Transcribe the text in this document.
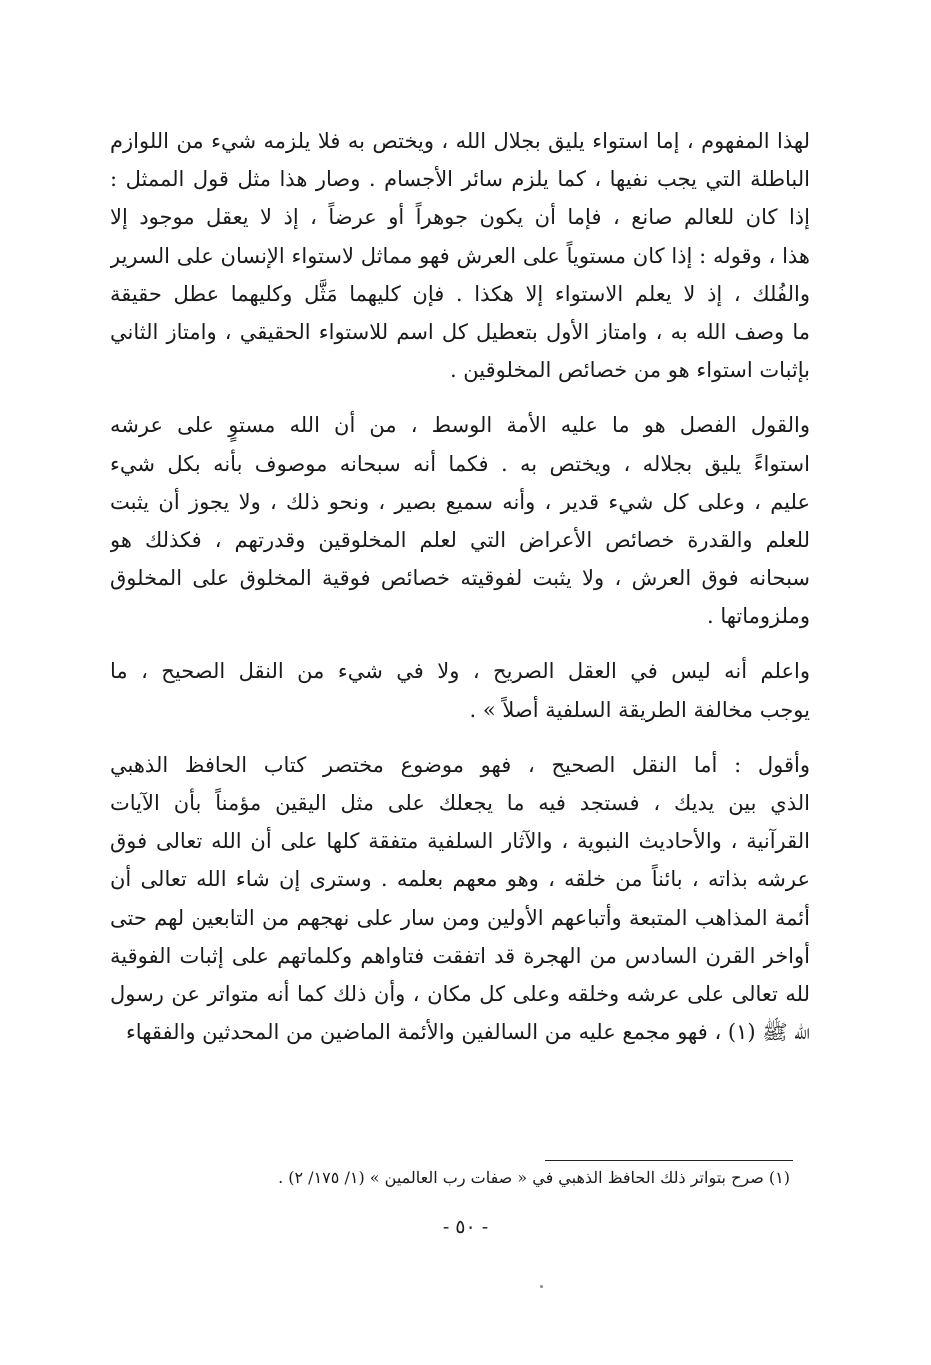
لهذا المفهوم ، إما استواء يليق بجلال الله ، ويختص به فلا يلزمه شيء من اللوازم
الباطلة التي يجب نفيها ، كما يلزم سائر الأجسام . وصار هذا مثل قول الممثل :
إذا كان للعالم صانع ، فإما أن يكون جوهراً أو عرضاً ، إذ لا يعقل موجود إلا
هذا ، وقوله : إذا كان مستوياً على العرش فهو مماثل لاستواء الإنسان على السرير
والفُلك ، إذ لا يعلم الاستواء إلا هكذا . فإن كليهما مَثَّل وكليهما عطل حقيقة
ما وصف الله به ، وامتاز الأول بتعطيل كل اسم للاستواء الحقيقي ، وامتاز الثاني
بإثبات استواء هو من خصائص المخلوقين .
والقول الفصل هو ما عليه الأمة الوسط ، من أن الله مستوٍ على عرشه
استواءً يليق بجلاله ، ويختص به . فكما أنه سبحانه موصوف بأنه بكل شيء
عليم ، وعلى كل شيء قدير ، وأنه سميع بصير ، ونحو ذلك ، ولا يجوز أن يثبت
للعلم والقدرة خصائص الأعراض التي لعلم المخلوقين وقدرتهم ، فكذلك هو
سبحانه فوق العرش ، ولا يثبت لفوقيته خصائص فوقية المخلوق على المخلوق
وملزوماتها .
واعلم أنه ليس في العقل الصريح ، ولا في شيء من النقل الصحيح ، ما
يوجب مخالفة الطريقة السلفية أصلاً » .
وأقول : أما النقل الصحيح ، فهو موضوع مختصر كتاب الحافظ الذهبي
الذي بين يديك ، فستجد فيه ما يجعلك على مثل اليقين مؤمناً بأن الآيات
القرآنية ، والأحاديث النبوية ، والآثار السلفية متفقة كلها على أن الله تعالى فوق
عرشه بذاته ، بائناً من خلقه ، وهو معهم بعلمه . وسترى إن شاء الله تعالى أن
أئمة المذاهب المتبعة وأتباعهم الأولين ومن سار على نهجهم من التابعين لهم حتى
أواخر القرن السادس من الهجرة قد اتفقت فتاواهم وكلماتهم على إثبات الفوقية
لله تعالى على عرشه وخلقه وعلى كل مكان ، وأن ذلك كما أنه متواتر عن رسول
الله ﷺ (١) ، فهو مجمع عليه من السالفين والأئمة الماضين من المحدثين والفقهاء
(١) صرح بتواتر ذلك الحافظ الذهبي في « صفات رب العالمين » (١/ ١٧٥/ ٢) .
- ٥٠ -
